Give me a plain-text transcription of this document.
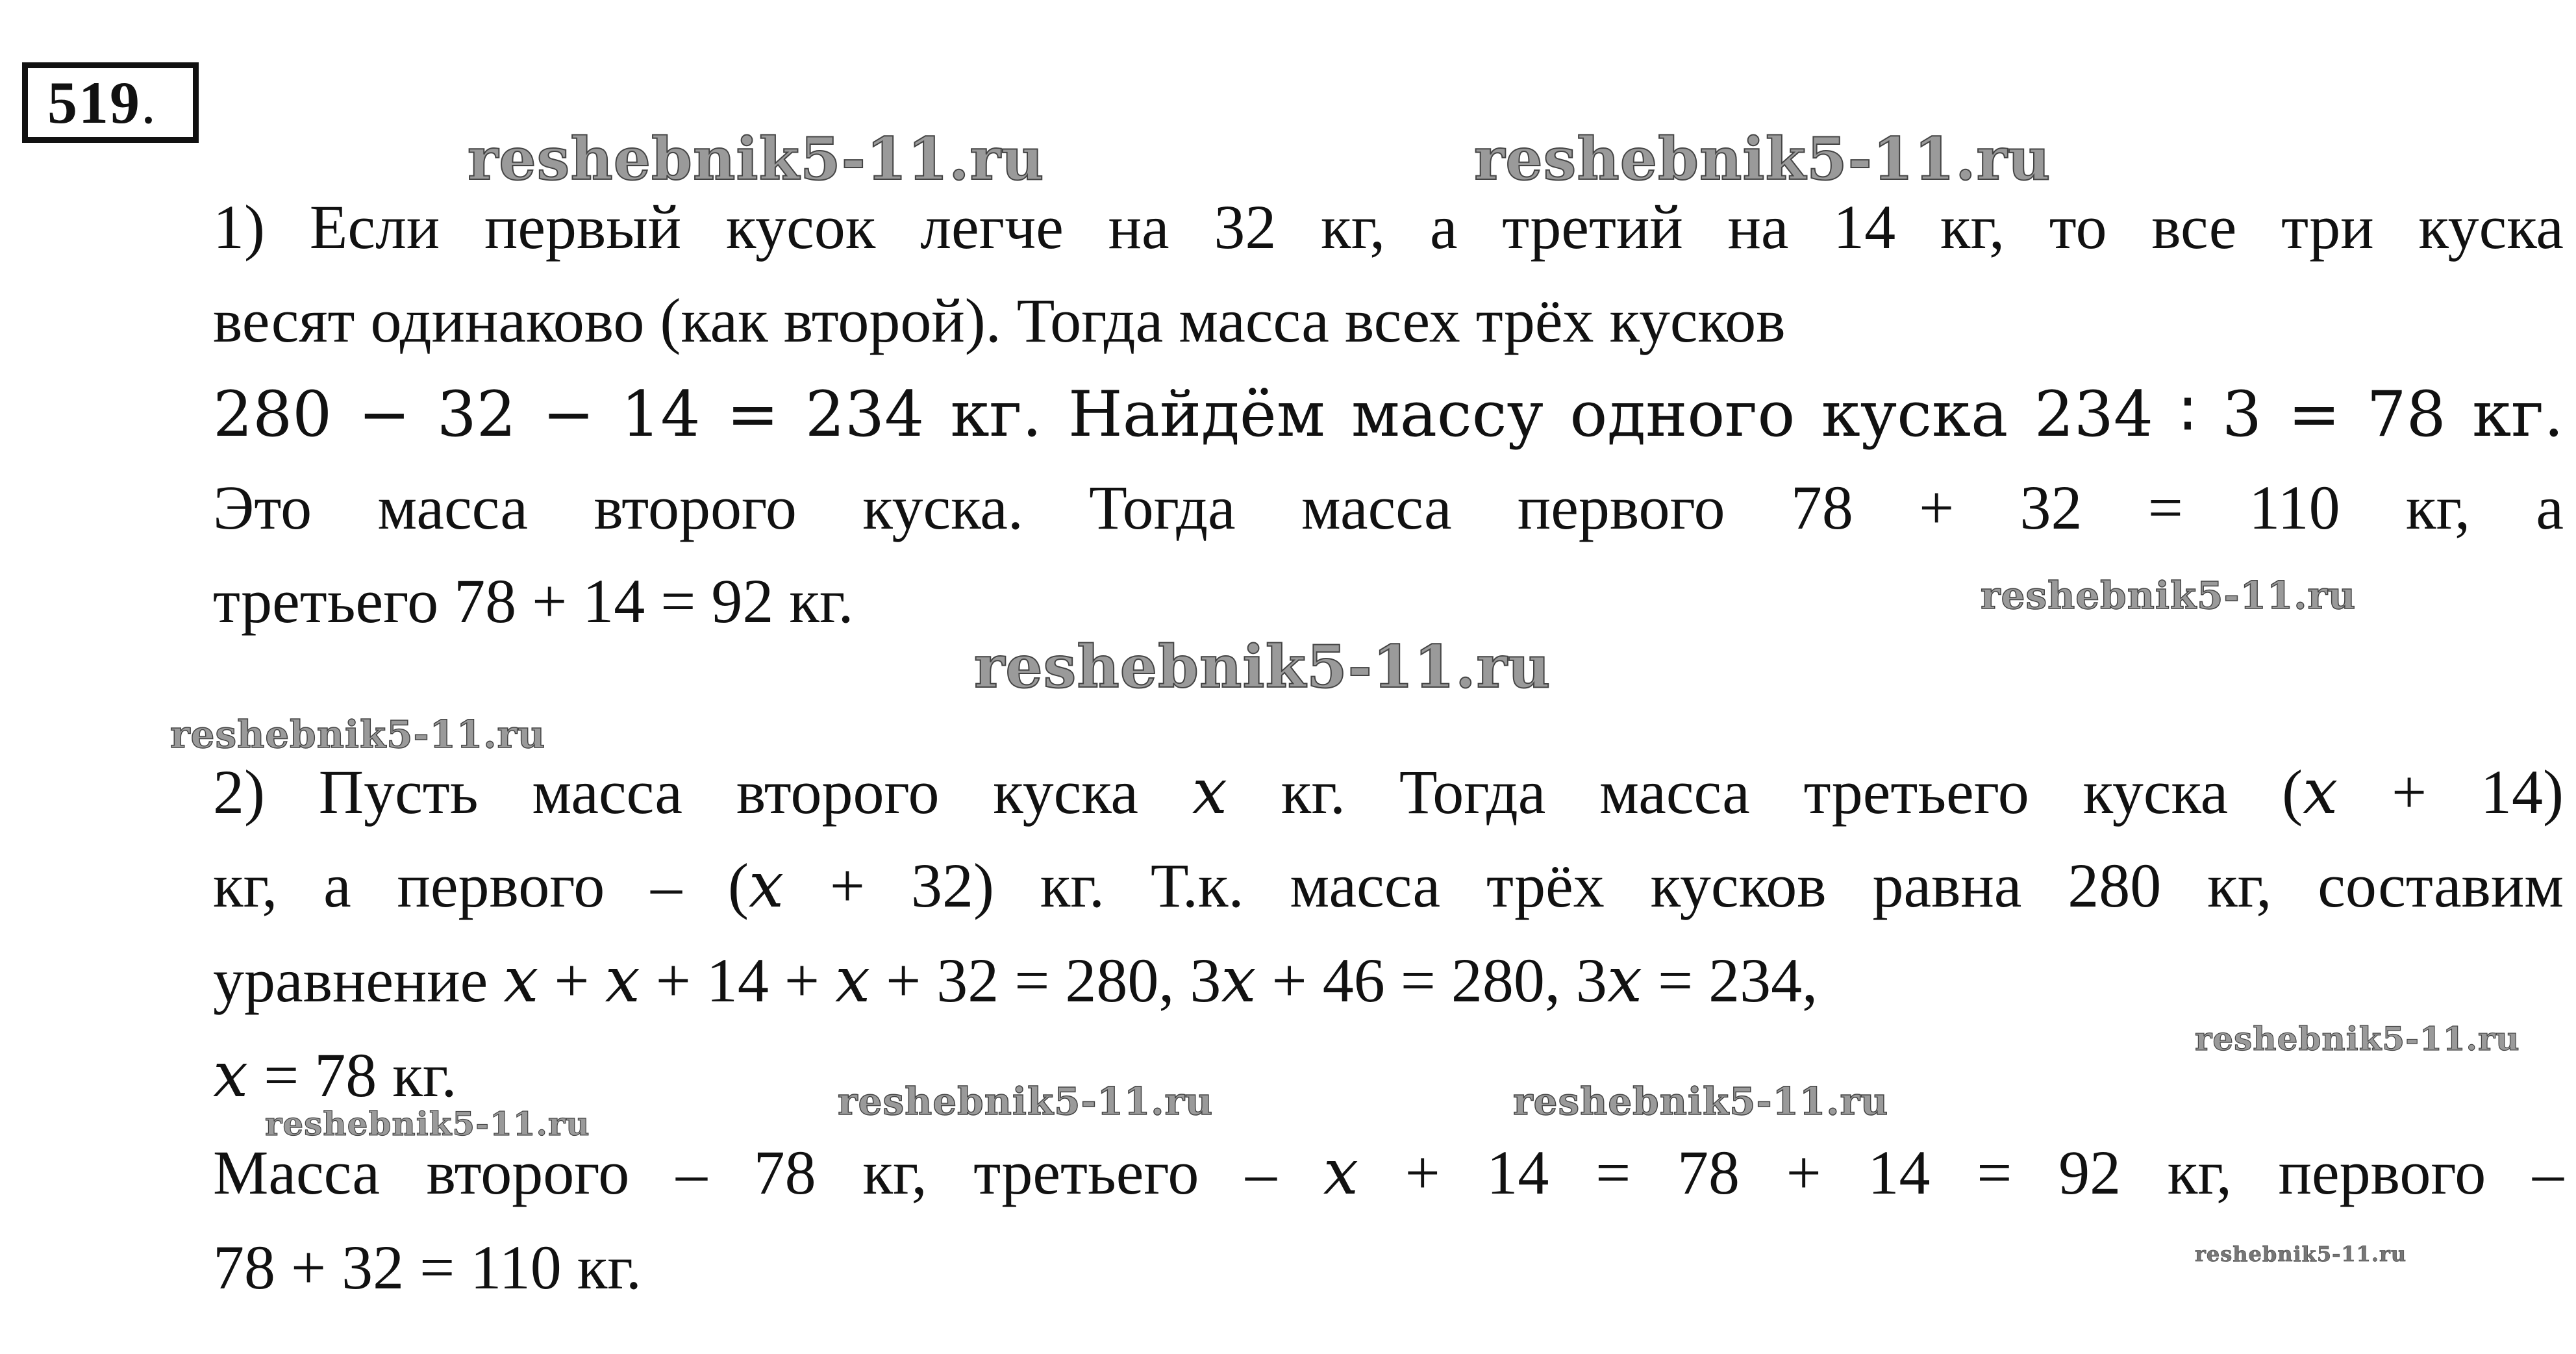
519 .
reshebnik5-11.ru	reshebnik5-11.ru
reshebnik5-11.ru
reshebnik5-11.ru
reshebnik5-11.ru
reshebnik5-11.ru
reshebnik5-11.ru	reshebnik5-11.ru
reshebnik5-11.ru
reshebnik5-11.ru
1) Если первый кусок легче на 32 кг, а третий на 14 кг, то все три куска
весят одинаково (как второй). Тогда масса всех трёх кусков
280 − 32 − 14 = 234 кг. Найдём массу одного куска 234 ∶ 3 = 78 кг.
Это масса второго куска. Тогда масса первого 78 + 32 = 110 кг, а
третьего 78 + 14 = 92 кг.
2) Пусть масса второго куска 𝑥 кг. Тогда масса третьего куска (𝑥 + 14)
кг, а первого – (𝑥 + 32) кг. Т.к. масса трёх кусков равна 280 кг, составим
уравнение 𝑥 + 𝑥 + 14 + 𝑥 + 32 = 280, 3𝑥 + 46 = 280, 3𝑥 = 234,
𝑥 = 78 кг.
Масса второго – 78 кг, третьего – 𝑥 + 14 = 78 + 14 = 92 кг, первого –
78 + 32 = 110 кг.
